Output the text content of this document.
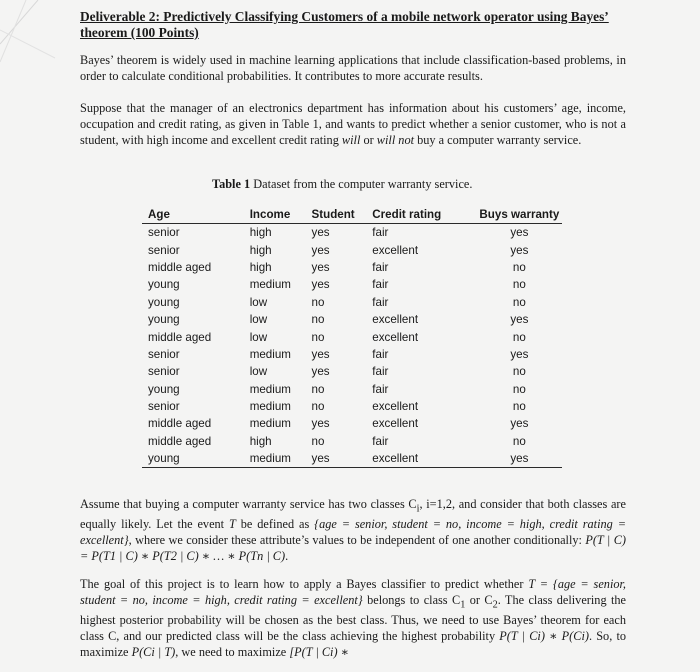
Deliverable 2: Predictively Classifying Customers of a mobile network operator using Bayes’ theorem (100 Points)

Bayes’ theorem is widely used in machine learning applications that include classification-based problems, in order to calculate conditional probabilities. It contributes to more accurate results.

Suppose that the manager of an electronics department has information about his customers’ age, income, occupation and credit rating, as given in Table 1, and wants to predict whether a senior customer, who is not a student, with high income and excellent credit rating will or will not buy a computer warranty service.

Table 1 Dataset from the computer warranty service.
Age	Income	Student	Credit rating	Buys warranty
senior	high	yes	fair	yes
senior	high	yes	excellent	yes
middle aged	high	yes	fair	no
young	medium	yes	fair	no
young	low	no	fair	no
young	low	no	excellent	yes
middle aged	low	no	excellent	no
senior	medium	yes	fair	yes
senior	low	yes	fair	no
young	medium	no	fair	no
senior	medium	no	excellent	no
middle aged	medium	yes	excellent	yes
middle aged	high	no	fair	no
young	medium	yes	excellent	yes

Assume that buying a computer warranty service has two classes $C_i$, i=1,2, and consider that both classes are equally likely. Let the event T be defined as {age = senior, student = no, income = high, credit rating = excellent}, where we consider these attribute’s values to be independent of one another conditionally: P(T | C) = P(T1 | C) ∗ P(T2 | C) ∗ … ∗ P(Tn | C).

The goal of this project is to learn how to apply a Bayes classifier to predict whether T = {age = senior, student = no, income = high, credit rating = excellent} belongs to class $C_1$ or $C_2$. The class delivering the highest posterior probability will be chosen as the best class. Thus, we need to use Bayes’ theorem for each class C, and our predicted class will be the class achieving the highest probability P(T | Ci) ∗ P(Ci). So, to maximize P(Ci | T), we need to maximize [P(T | Ci) ∗
